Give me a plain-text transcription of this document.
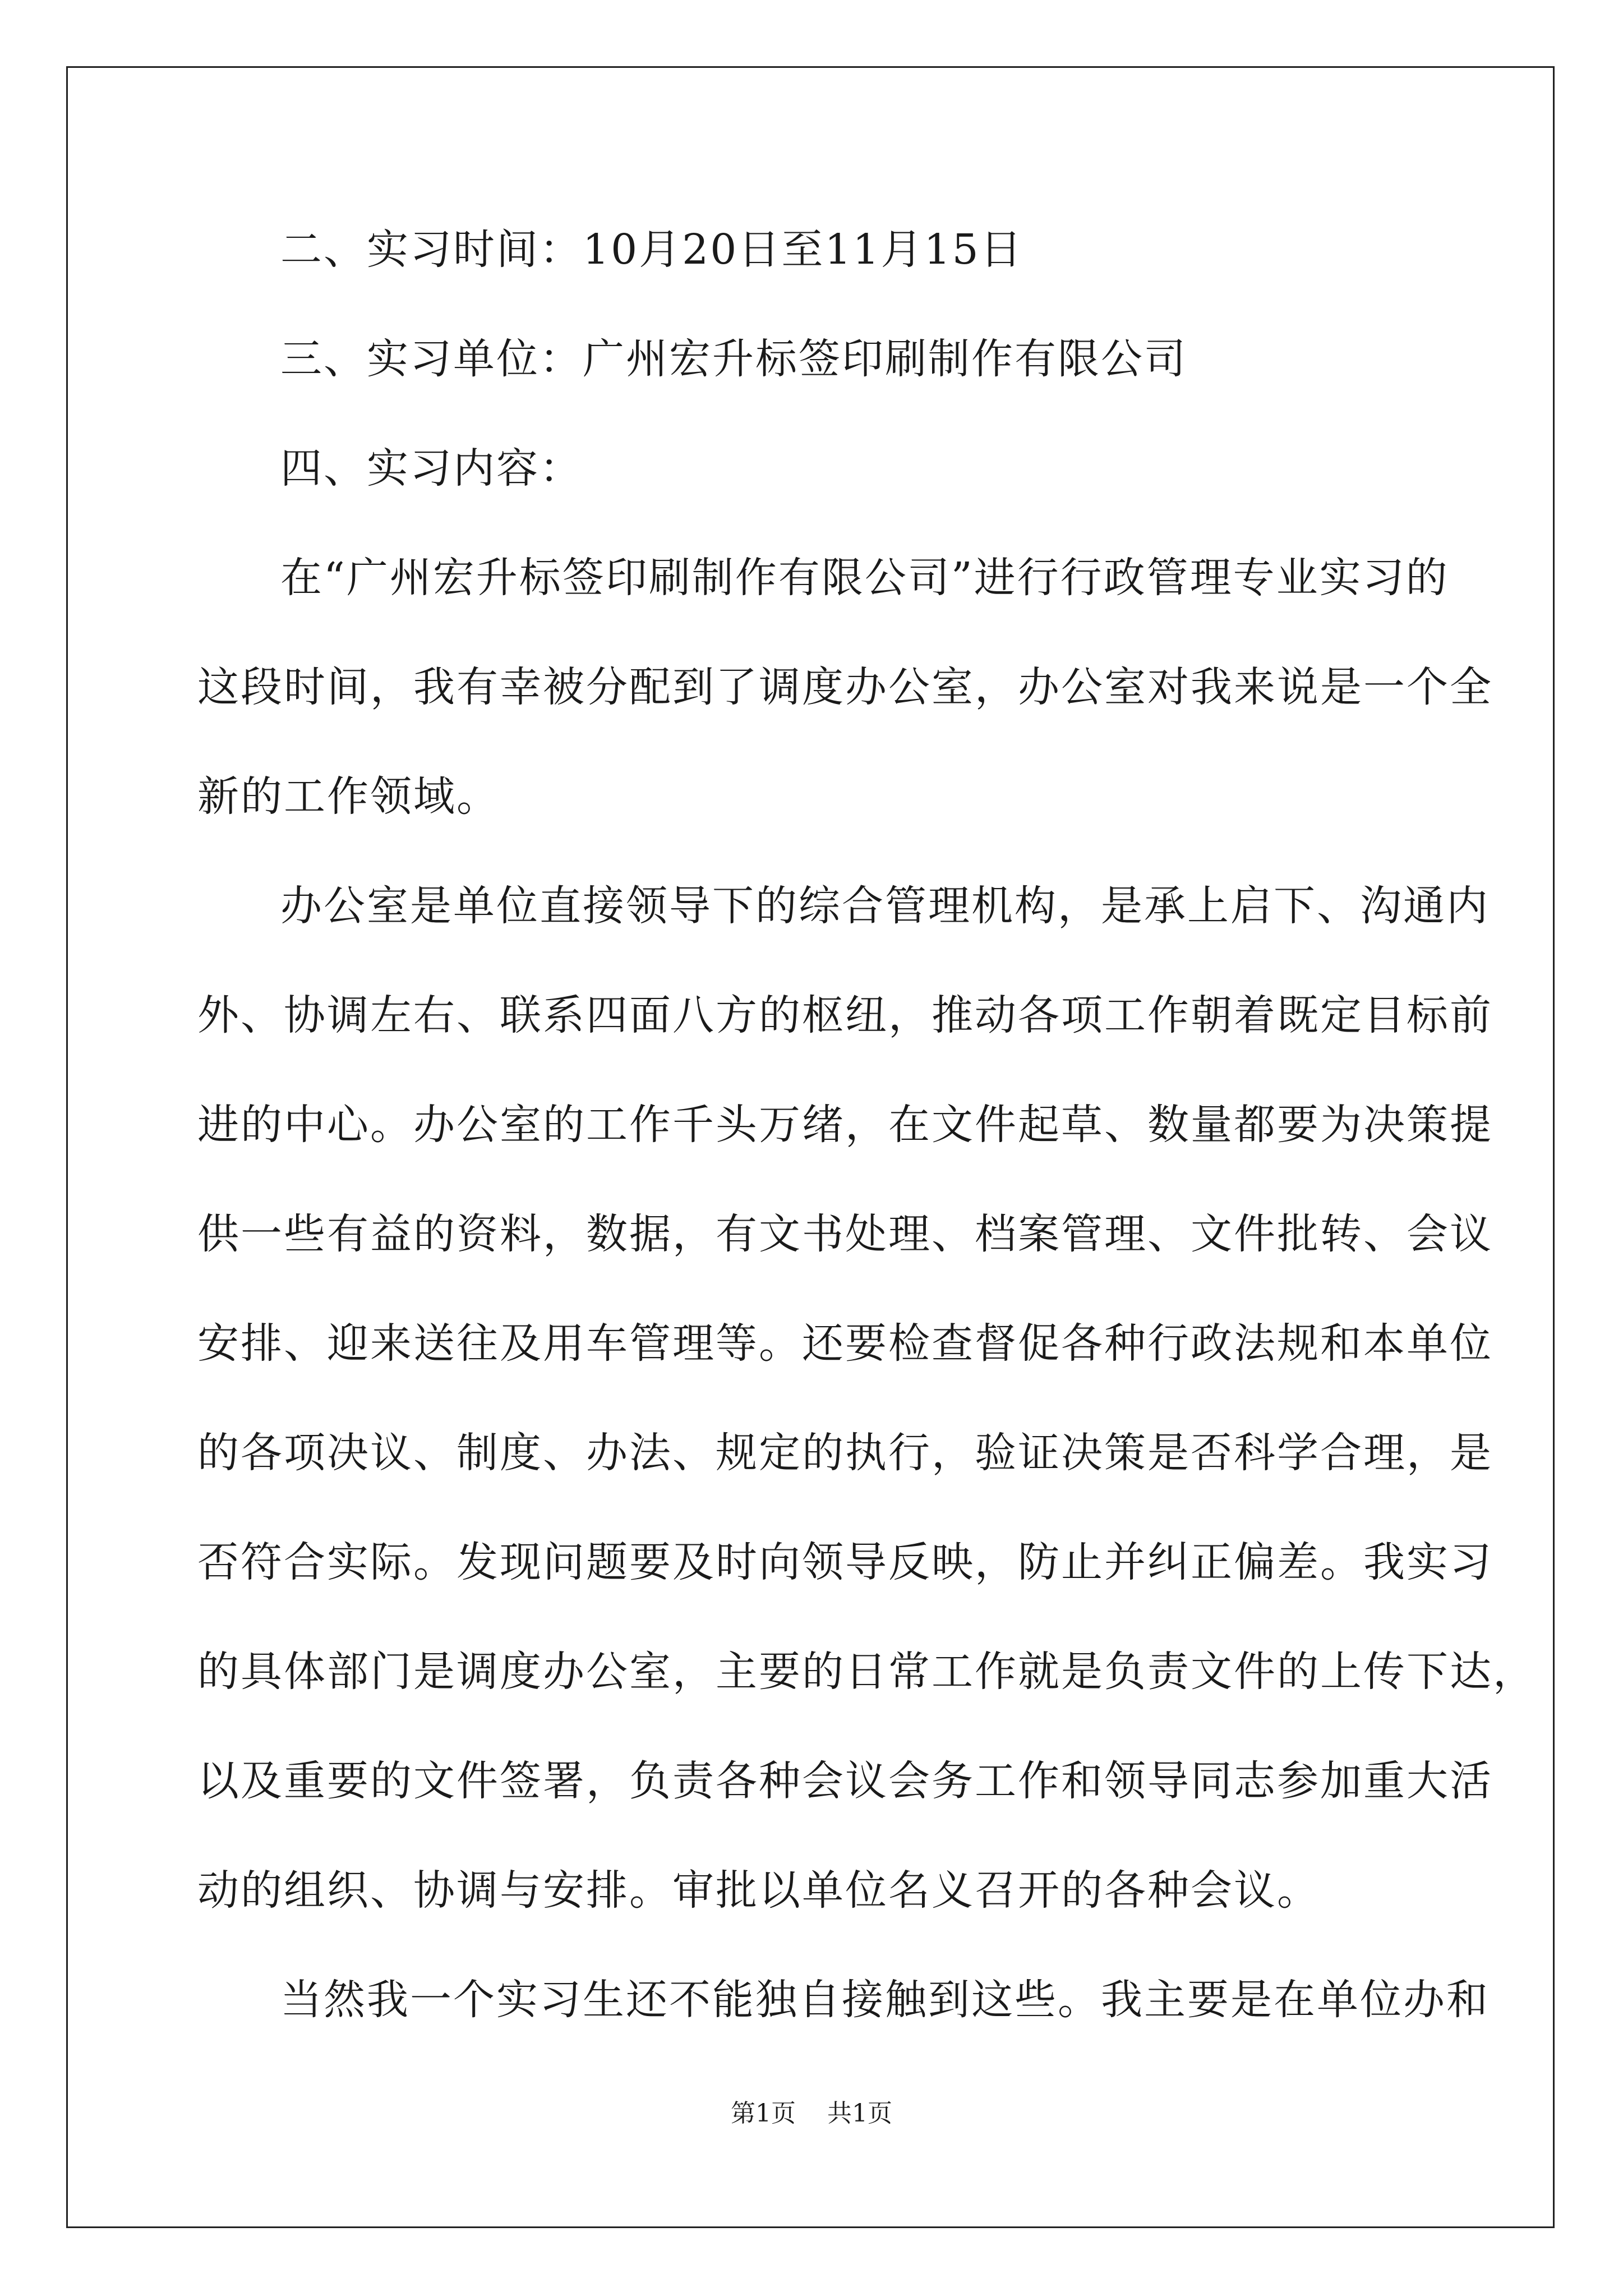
二、实习时间：10月20日至11月15日
三、实习单位：广州宏升标签印刷制作有限公司
四、实习内容：
在“广州宏升标签印刷制作有限公司”进行行政管理专业实习的
这段时间，我有幸被分配到了调度办公室，办公室对我来说是一个全
新的工作领域。
办公室是单位直接领导下的综合管理机构，是承上启下、沟通内
外、协调左右、联系四面八方的枢纽，推动各项工作朝着既定目标前
进的中心。办公室的工作千头万绪，在文件起草、数量都要为决策提
供一些有益的资料，数据，有文书处理、档案管理、文件批转、会议
安排、迎来送往及用车管理等。还要检查督促各种行政法规和本单位
的各项决议、制度、办法、规定的执行，验证决策是否科学合理，是
否符合实际。发现问题要及时向领导反映，防止并纠正偏差。我实习
的具体部门是调度办公室，主要的日常工作就是负责文件的上传下达，
以及重要的文件签署，负责各种会议会务工作和领导同志参加重大活
动的组织、协调与安排。审批以单位名义召开的各种会议。
当然我一个实习生还不能独自接触到这些。我主要是在单位办和
第1页 共1页
